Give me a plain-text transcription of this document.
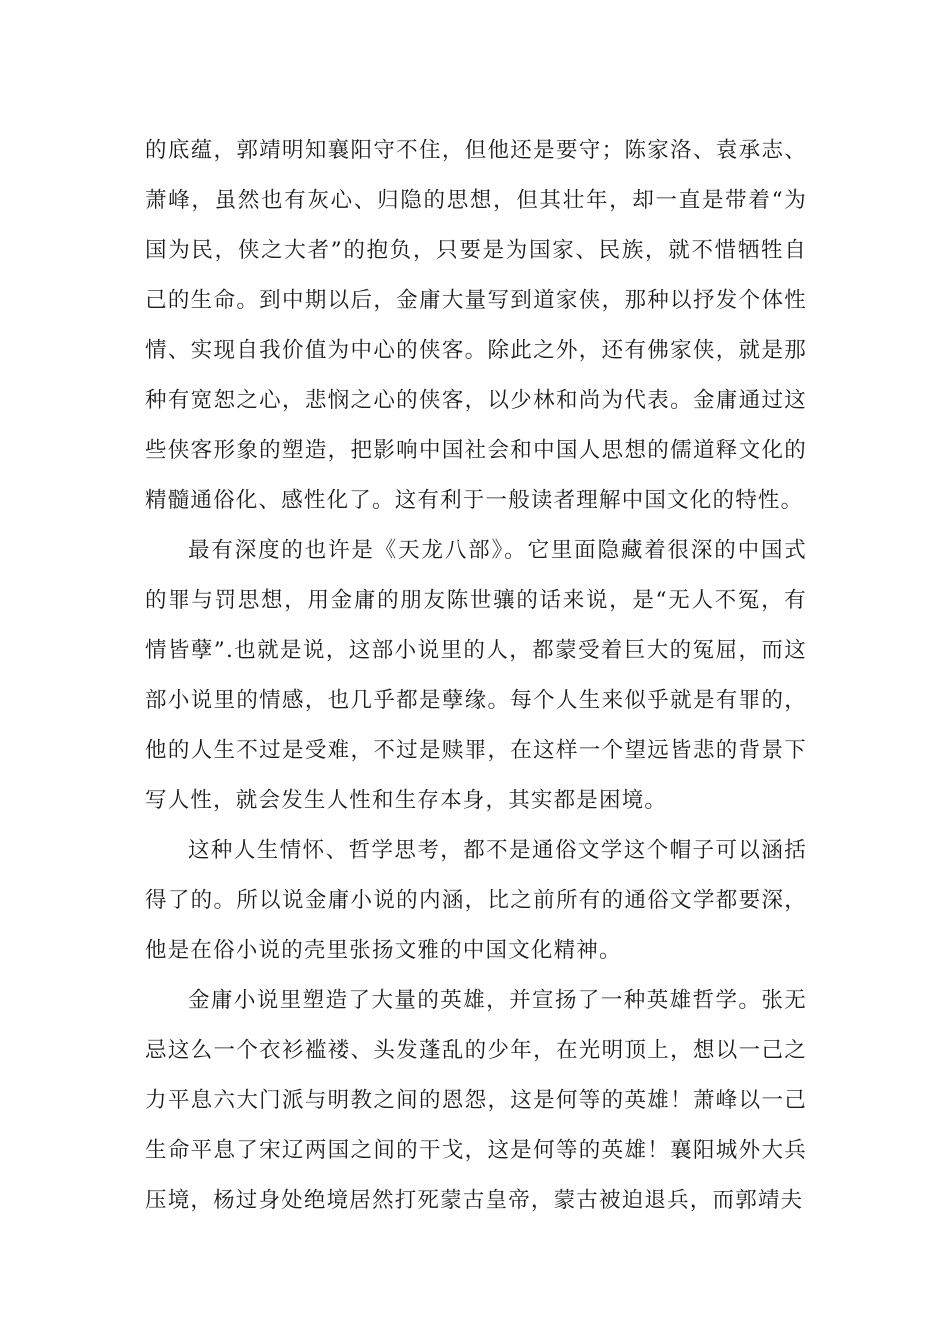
的底蕴，郭靖明知襄阳守不住，但他还是要守；陈家洛、袁承志、萧峰，虽然也有灰心、归隐的思想，但其壮年，却一直是带着“为国为民，侠之大者”的抱负，只要是为国家、民族，就不惜牺牲自己的生命。到中期以后，金庸大量写到道家侠，那种以抒发个体性情、实现自我价值为中心的侠客。除此之外，还有佛家侠，就是那种有宽恕之心，悲悯之心的侠客，以少林和尚为代表。金庸通过这些侠客形象的塑造，把影响中国社会和中国人思想的儒道释文化的精髓通俗化、感性化了。这有利于一般读者理解中国文化的特性。

最有深度的也许是《天龙八部》。它里面隐藏着很深的中国式的罪与罚思想，用金庸的朋友陈世骧的话来说，是“无人不冤，有情皆孽”.也就是说，这部小说里的人，都蒙受着巨大的冤屈，而这部小说里的情感，也几乎都是孽缘。每个人生来似乎就是有罪的，他的人生不过是受难，不过是赎罪，在这样一个望远皆悲的背景下写人性，就会发生人性和生存本身，其实都是困境。

这种人生情怀、哲学思考，都不是通俗文学这个帽子可以涵括得了的。所以说金庸小说的内涵，比之前所有的通俗文学都要深，他是在俗小说的壳里张扬文雅的中国文化精神。

金庸小说里塑造了大量的英雄，并宣扬了一种英雄哲学。张无忌这么一个衣衫褴褛、头发蓬乱的少年，在光明顶上，想以一己之力平息六大门派与明教之间的恩怨，这是何等的英雄！萧峰以一己生命平息了宋辽两国之间的干戈，这是何等的英雄！襄阳城外大兵压境，杨过身处绝境居然打死蒙古皇帝，蒙古被迫退兵，而郭靖夫
